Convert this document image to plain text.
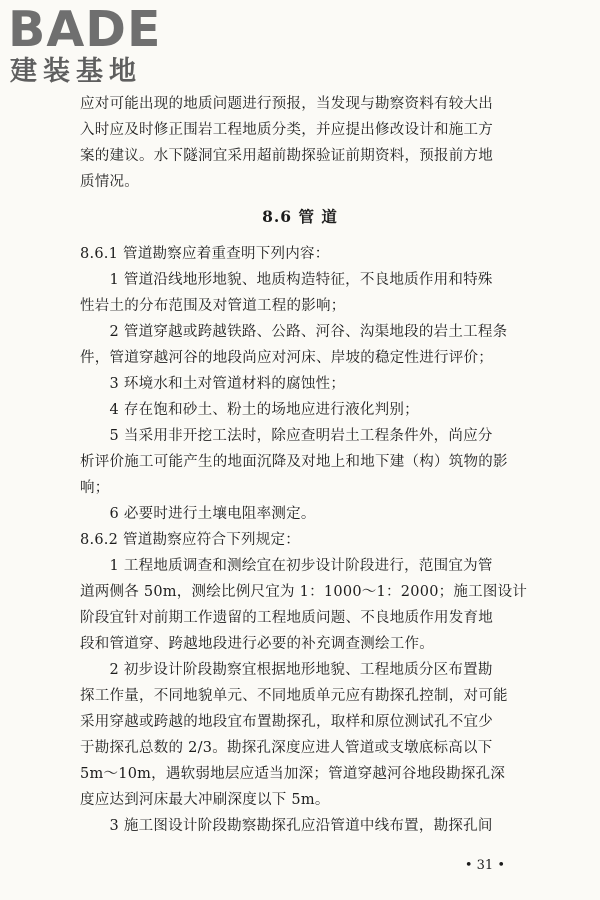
BADE
建装基地
应对可能出现的地质问题进行预报，当发现与勘察资料有较大出
入时应及时修正围岩工程地质分类，并应提出修改设计和施工方
案的建议。水下隧洞宜采用超前勘探验证前期资料，预报前方地
质情况。
8.6 管 道
8.6.1 管道勘察应着重查明下列内容：
　　1 管道沿线地形地貌、地质构造特征，不良地质作用和特殊
性岩土的分布范围及对管道工程的影响；
　　2 管道穿越或跨越铁路、公路、河谷、沟渠地段的岩土工程条
件，管道穿越河谷的地段尚应对河床、岸坡的稳定性进行评价；
　　3 环境水和土对管道材料的腐蚀性；
　　4 存在饱和砂土、粉土的场地应进行液化判别；
　　5 当采用非开挖工法时，除应查明岩土工程条件外，尚应分
析评价施工可能产生的地面沉降及对地上和地下建（构）筑物的影
响；
　　6 必要时进行土壤电阻率测定。
8.6.2 管道勘察应符合下列规定：
　　1 工程地质调查和测绘宜在初步设计阶段进行，范围宜为管
道两侧各 50m，测绘比例尺宜为 1：1000～1：2000；施工图设计
阶段宜针对前期工作遗留的工程地质问题、不良地质作用发育地
段和管道穿、跨越地段进行必要的补充调查测绘工作。
　　2 初步设计阶段勘察宜根据地形地貌、工程地质分区布置勘
探工作量，不同地貌单元、不同地质单元应有勘探孔控制，对可能
采用穿越或跨越的地段宜布置勘探孔，取样和原位测试孔不宜少
于勘探孔总数的 2/3。勘探孔深度应进人管道或支墩底标高以下
5m～10m，遇软弱地层应适当加深；管道穿越河谷地段勘探孔深
度应达到河床最大冲刷深度以下 5m。
　　3 施工图设计阶段勘察勘探孔应沿管道中线布置，勘探孔间
• 31 •
